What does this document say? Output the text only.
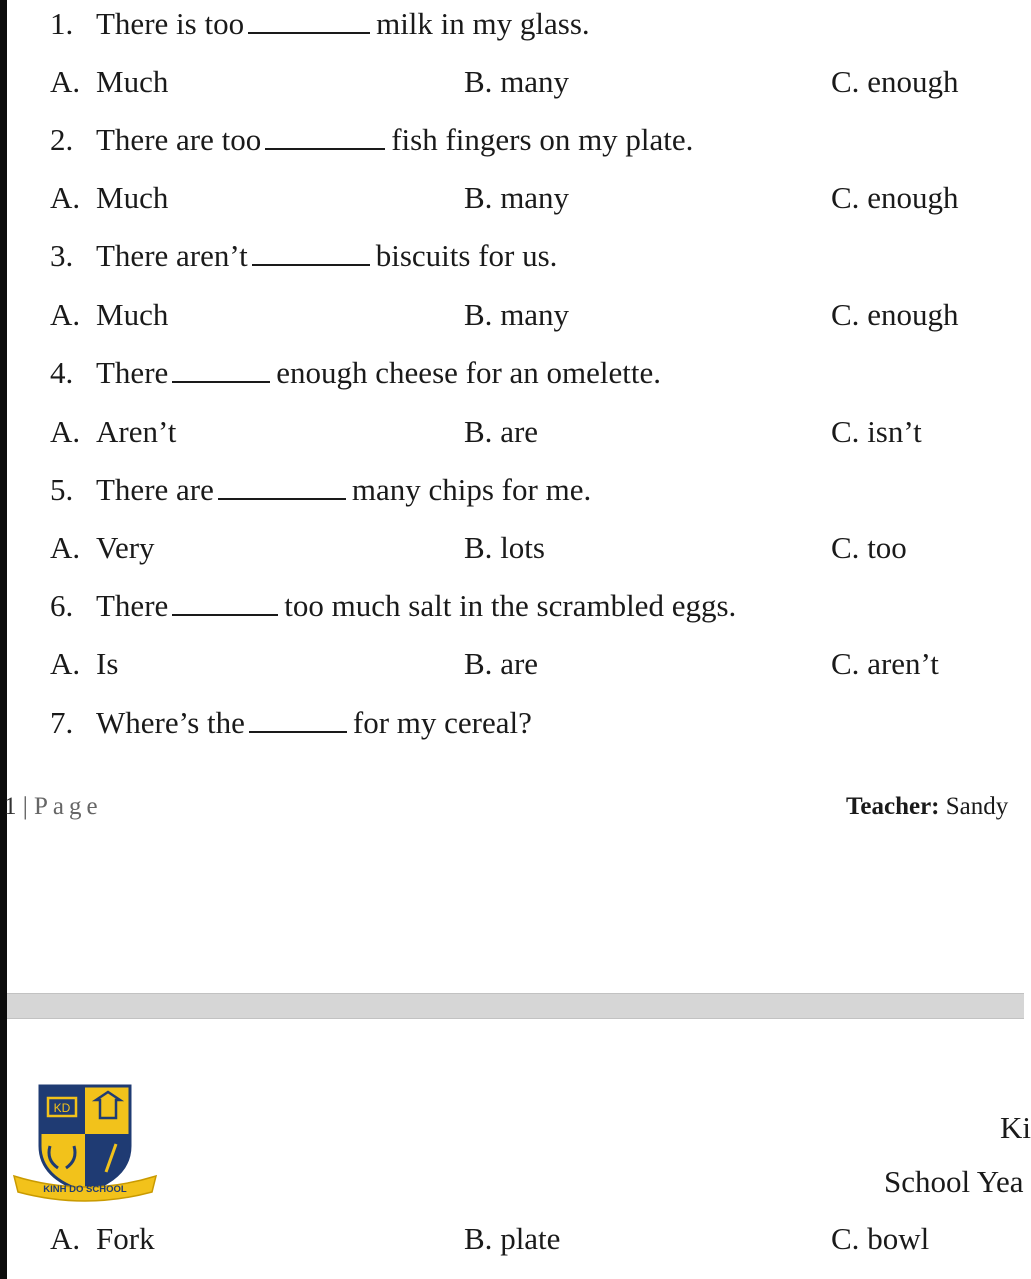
1. There is too	milk in my glass.
A. Much	B. many	C. enough
2. There are too	fish fingers on my plate.
A. Much	B. many	C. enough
3. There aren’t	biscuits for us.
A. Much	B. many	C. enough
4. There	enough cheese for an omelette.
A. Aren’t	B. are	C. isn’t
5. There are	many chips for me.
A. Very	B. lots	C. too
6. There	too much salt in the scrambled eggs.
A. Is	B. are	C. aren’t
7. Where’s the	for my cereal?
1 | Page	Teacher: Sandy
KD
KINH DO SCHOOL
Ki
School Yea
A. Fork	B. plate	C. bowl
